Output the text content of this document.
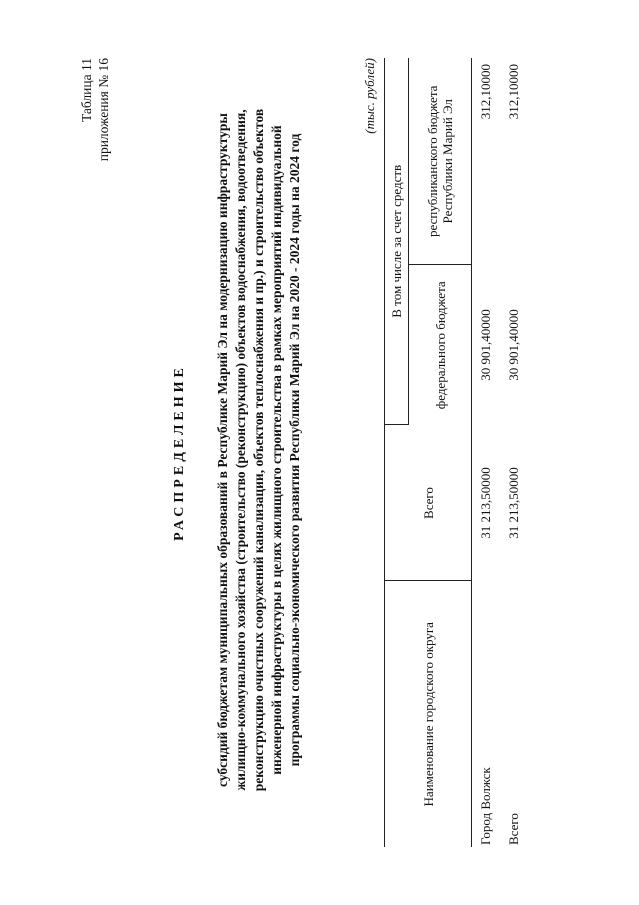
Таблица 11 приложения № 16
РАСПРЕДЕЛЕНИЕ субсидий бюджетам муниципальных образований в Республике Марий Эл на модернизацию инфраструктуры жилищно-коммунального хозяйства (строительство (реконструкцию) объектов водоснабжения, водоотведения, реконструкцию очистных сооружений канализации, объектов теплоснабжения и пр.) и строительство объектов инженерной инфраструктуры в целях жилищного строительства в рамках мероприятий индивидуальной программы социально-экономического развития Республики Марий Эл на 2020 - 2024 годы на 2024 год
(тыс. рублей)
Наименование городского округа	Всего	В том числе за счет средств	
		федерального бюджета	республиканского бюджета Республики Марий Эл
Город Волжск	31 213,50000	30 901,40000	312,10000
Всего	31 213,50000	30 901,40000	312,10000
